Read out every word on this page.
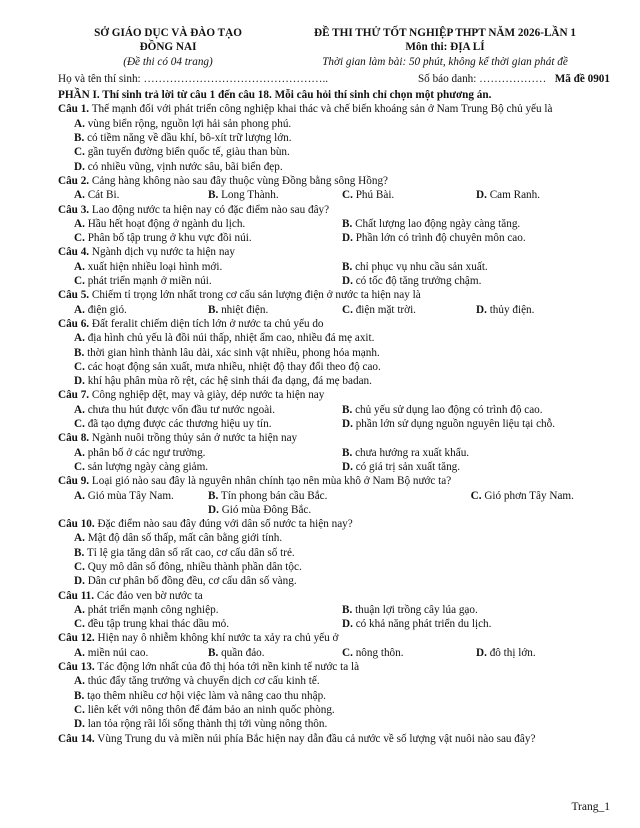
SỞ GIÁO DỤC VÀ ĐÀO TẠO
ĐỒNG NAI
(Đề thi có 04 trang)
ĐỀ THI THỬ TỐT NGHIỆP THPT NĂM 2026-LẦN 1
Môn thi: ĐỊA LÍ
Thời gian làm bài: 50 phút, không kể thời gian phát đề
Họ và tên thí sinh: …………………………………………..	Số báo danh: ……………… Mã đề 0901
PHẦN I. Thí sinh trả lời từ câu 1 đến câu 18. Mỗi câu hỏi thí sinh chỉ chọn một phương án.
Câu 1. Thế mạnh đối với phát triển công nghiệp khai thác và chế biến khoáng sản ở Nam Trung Bộ chủ yếu là
A. vùng biển rộng, nguồn lợi hải sản phong phú.
B. có tiềm năng về dầu khí, bô-xít trữ lượng lớn.
C. gần tuyến đường biển quốc tế, giàu than bùn.
D. có nhiều vũng, vịnh nước sâu, bãi biển đẹp.
Câu 2. Cảng hàng không nào sau đây thuộc vùng Đồng bằng sông Hồng?
A. Cát Bi.	B. Long Thành.	C. Phú Bài.	D. Cam Ranh.
Câu 3. Lao động nước ta hiện nay có đặc điểm nào sau đây?
A. Hầu hết hoạt động ở ngành du lịch.	B. Chất lượng lao động ngày càng tăng.
C. Phân bố tập trung ở khu vực đồi núi.	D. Phần lớn có trình độ chuyên môn cao.
Câu 4. Ngành dịch vụ nước ta hiện nay
A. xuất hiện nhiều loại hình mới.	B. chỉ phục vụ nhu cầu sản xuất.
C. phát triển mạnh ở miền núi.	D. có tốc độ tăng trưởng chậm.
Câu 5. Chiếm tỉ trọng lớn nhất trong cơ cấu sản lượng điện ở nước ta hiện nay là
A. điện gió.	B. nhiệt điện.	C. điện mặt trời.	D. thủy điện.
Câu 6. Đất feralit chiếm diện tích lớn ở nước ta chủ yếu do
A. địa hình chủ yếu là đồi núi thấp, nhiệt ẩm cao, nhiều đá mẹ axit.
B. thời gian hình thành lâu dài, xác sinh vật nhiều, phong hóa mạnh.
C. các hoạt động sản xuất, mưa nhiều, nhiệt độ thay đổi theo độ cao.
D. khí hậu phân mùa rõ rệt, các hệ sinh thái đa dạng, đá mẹ badan.
Câu 7. Công nghiệp dệt, may và giày, dép nước ta hiện nay
A. chưa thu hút được vốn đầu tư nước ngoài.	B. chủ yếu sử dụng lao động có trình độ cao.
C. đã tạo dựng được các thương hiệu uy tín.	D. phần lớn sử dụng nguồn nguyên liệu tại chỗ.
Câu 8. Ngành nuôi trồng thủy sản ở nước ta hiện nay
A. phân bố ở các ngư trường.	B. chưa hướng ra xuất khẩu.
C. sản lượng ngày càng giảm.	D. có giá trị sản xuất tăng.
Câu 9. Loại gió nào sau đây là nguyên nhân chính tạo nên mùa khô ở Nam Bộ nước ta?
A. Gió mùa Tây Nam.	B. Tín phong bán cầu Bắc.	C. Gió phơn Tây Nam.
D. Gió mùa Đông Bắc.
Câu 10. Đặc điểm nào sau đây đúng với dân số nước ta hiện nay?
A. Mật độ dân số thấp, mất cân bằng giới tính.
B. Tỉ lệ gia tăng dân số rất cao, cơ cấu dân số trẻ.
C. Quy mô dân số đông, nhiều thành phần dân tộc.
D. Dân cư phân bố đồng đều, cơ cấu dân số vàng.
Câu 11. Các đảo ven bờ nước ta
A. phát triển mạnh công nghiệp.	B. thuận lợi trồng cây lúa gạo.
C. đều tập trung khai thác dầu mỏ.	D. có khả năng phát triển du lịch.
Câu 12. Hiện nay ô nhiễm không khí nước ta xảy ra chủ yếu ở
A. miền núi cao.	B. quần đảo.	C. nông thôn.	D. đô thị lớn.
Câu 13. Tác động lớn nhất của đô thị hóa tới nền kinh tế nước ta là
A. thúc đẩy tăng trưởng và chuyển dịch cơ cấu kinh tế.
B. tạo thêm nhiều cơ hội việc làm và nâng cao thu nhập.
C. liên kết với nông thôn để đảm bảo an ninh quốc phòng.
D. lan tỏa rộng rãi lối sống thành thị tới vùng nông thôn.
Câu 14. Vùng Trung du và miền núi phía Bắc hiện nay dẫn đầu cả nước về số lượng vật nuôi nào sau đây?
Trang_1
